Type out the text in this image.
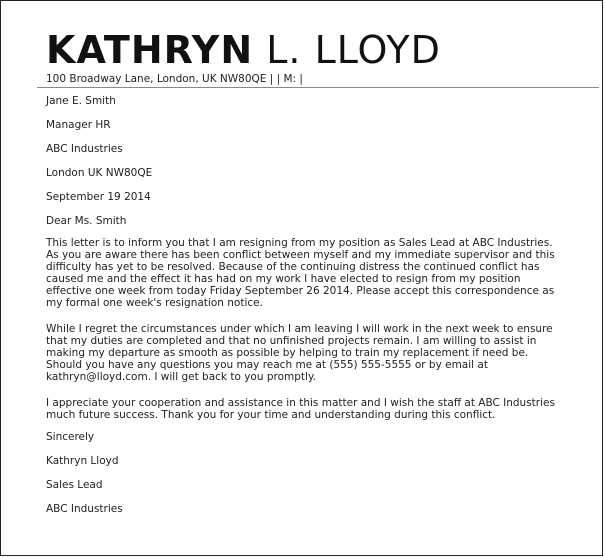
KATHRYN L. LLOYD
100 Broadway Lane, London, UK NW80QE | | M: |
Jane E. Smith
Manager HR
ABC Industries
London UK NW80QE
September 19 2014
Dear Ms. Smith
This letter is to inform you that I am resigning from my position as Sales Lead at ABC Industries. As you are aware there has been conflict between myself and my immediate supervisor and this difficulty has yet to be resolved. Because of the continuing distress the continued conflict has caused me and the effect it has had on my work I have elected to resign from my position effective one week from today Friday September 26 2014. Please accept this correspondence as my formal one week's resignation notice.
While I regret the circumstances under which I am leaving I will work in the next week to ensure that my duties are completed and that no unfinished projects remain. I am willing to assist in making my departure as smooth as possible by helping to train my replacement if need be. Should you have any questions you may reach me at (555) 555-5555 or by email at kathryn@lloyd.com. I will get back to you promptly.
I appreciate your cooperation and assistance in this matter and I wish the staff at ABC Industries much future success. Thank you for your time and understanding during this conflict.
Sincerely
Kathryn Lloyd
Sales Lead
ABC Industries
